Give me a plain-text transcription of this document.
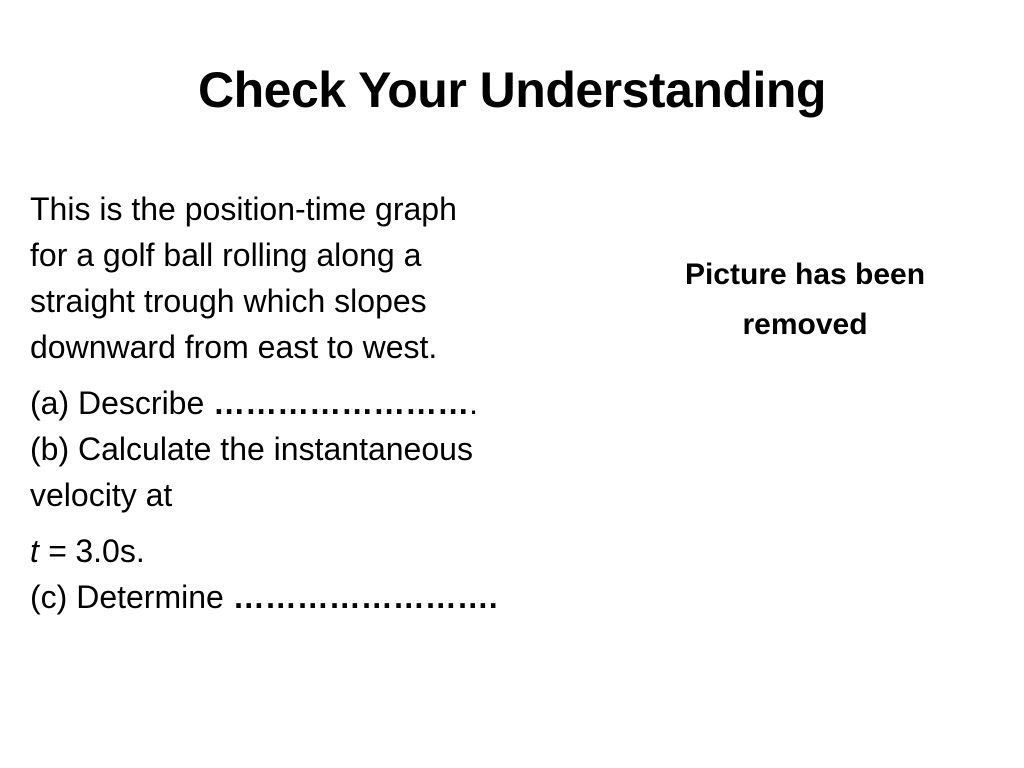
Check Your Understanding

This is the position-time graph for a golf ball rolling along a straight trough which slopes downward from east to west.

(a) Describe …………………….

(b) Calculate the instantaneous velocity at

t = 3.0s.

(c) Determine …………………….

Picture has been removed
